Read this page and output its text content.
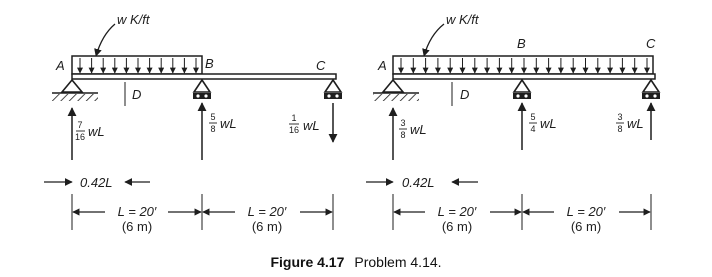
w K/ft
A	B	C
D
7
16 wL
5
8 wL	1
16 wL
0.42L
L = 20′
(6 m)
L = 20′
(6 m)
w K/ft
A
B	C
D
3
8 wL
5
4 wL	3
8 wL
0.42L
L = 20′
(6 m)
L = 20′
(6 m)
Figure 4.17 Problem 4.14.
